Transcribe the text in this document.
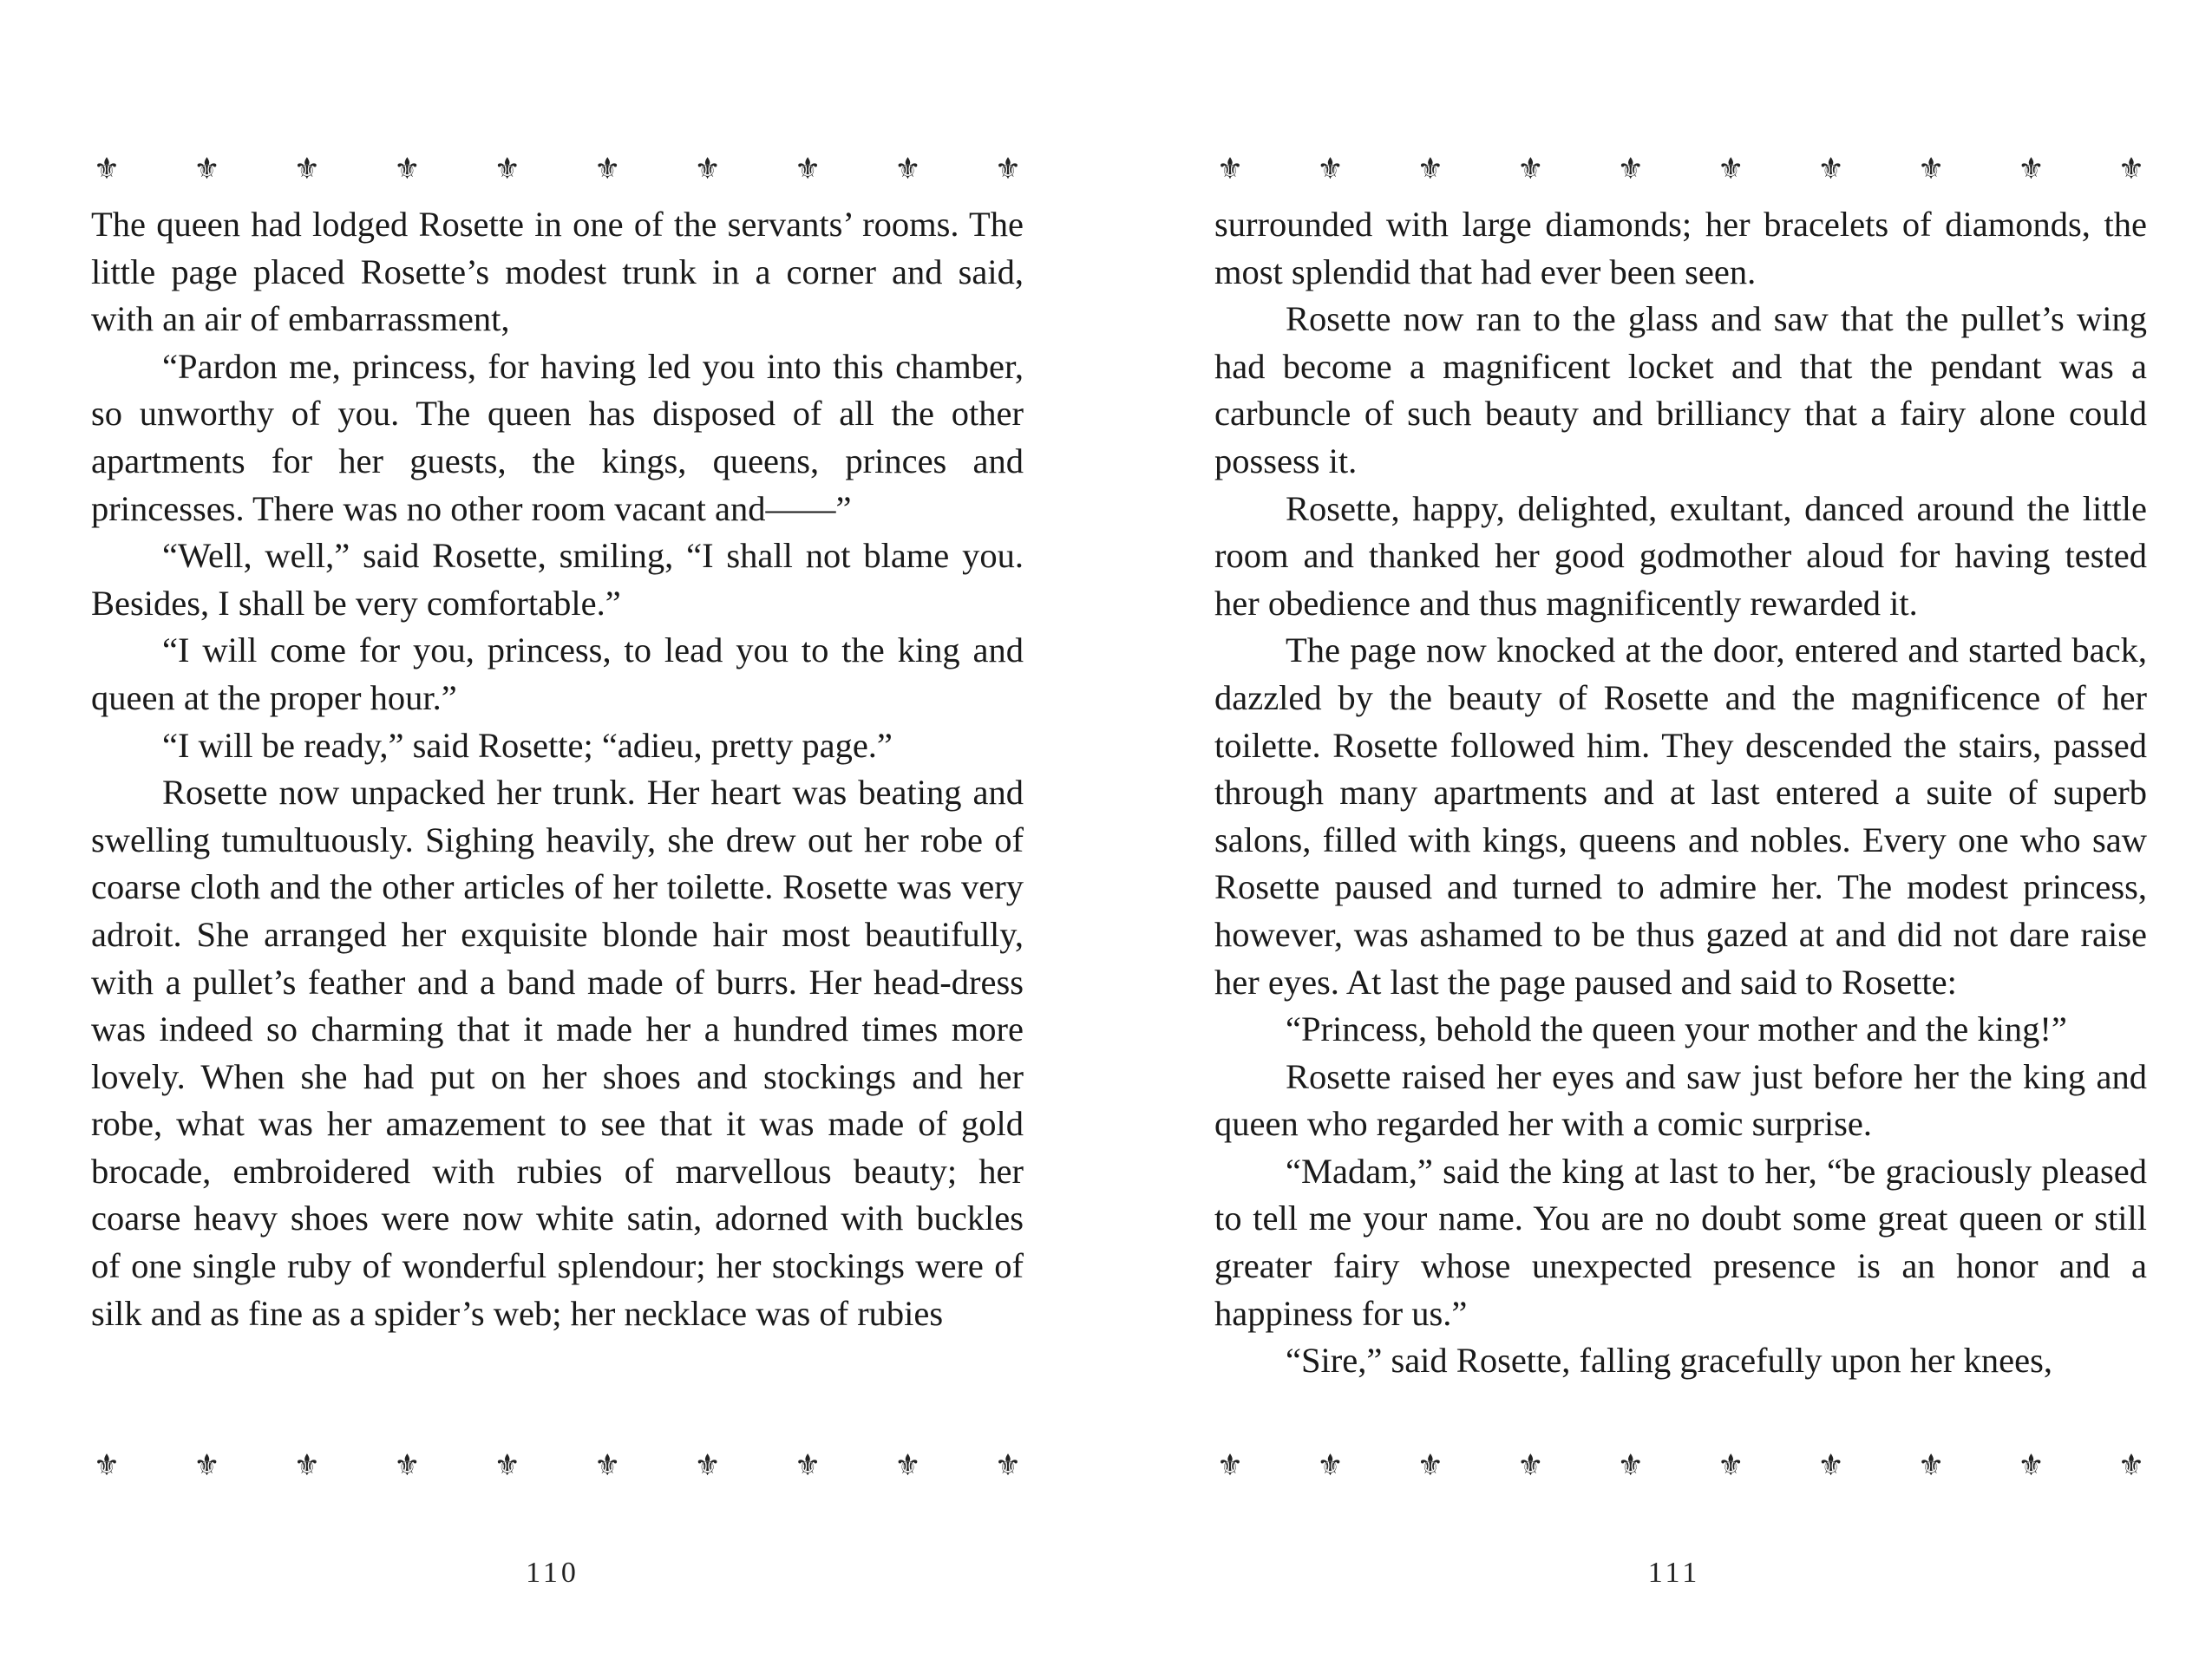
⚜ ⚜ ⚜ ⚜ ⚜ ⚜ ⚜ ⚜ ⚜ ⚜

The queen had lodged Rosette in one of the servants’ rooms. The little page placed Rosette’s modest trunk in a corner and said, with an air of embarrassment,

“Pardon me, princess, for having led you into this chamber, so unworthy of you. The queen has disposed of all the other apartments for her guests, the kings, queens, princes and princesses. There was no other room vacant and——”

“Well, well,” said Rosette, smiling, “I shall not blame you. Besides, I shall be very comfortable.”

“I will come for you, princess, to lead you to the king and queen at the proper hour.”

“I will be ready,” said Rosette; “adieu, pretty page.”

Rosette now unpacked her trunk. Her heart was beating and swelling tumultuously. Sighing heavily, she drew out her robe of coarse cloth and the other articles of her toilette. Rosette was very adroit. She arranged her exquisite blonde hair most beautifully, with a pullet’s feather and a band made of burrs. Her head-dress was indeed so charming that it made her a hundred times more lovely. When she had put on her shoes and stockings and her robe, what was her amazement to see that it was made of gold brocade, embroidered with rubies of marvellous beauty; her coarse heavy shoes were now white satin, adorned with buckles of one single ruby of wonderful splendour; her stockings were of silk and as fine as a spider’s web; her necklace was of rubies

⚜ ⚜ ⚜ ⚜ ⚜ ⚜ ⚜ ⚜ ⚜ ⚜
110
⚜ ⚜ ⚜ ⚜ ⚜ ⚜ ⚜ ⚜ ⚜ ⚜

surrounded with large diamonds; her bracelets of diamonds, the most splendid that had ever been seen.

Rosette now ran to the glass and saw that the pullet’s wing had become a magnificent locket and that the pendant was a carbuncle of such beauty and brilliancy that a fairy alone could possess it.

Rosette, happy, delighted, exultant, danced around the little room and thanked her good godmother aloud for having tested her obedience and thus magnificently rewarded it.

The page now knocked at the door, entered and started back, dazzled by the beauty of Rosette and the magnificence of her toilette. Rosette followed him. They descended the stairs, passed through many apartments and at last entered a suite of superb salons, filled with kings, queens and nobles. Every one who saw Rosette paused and turned to admire her. The modest princess, however, was ashamed to be thus gazed at and did not dare raise her eyes. At last the page paused and said to Rosette:

“Princess, behold the queen your mother and the king!”

Rosette raised her eyes and saw just before her the king and queen who regarded her with a comic surprise.

“Madam,” said the king at last to her, “be graciously pleased to tell me your name. You are no doubt some great queen or still greater fairy whose unexpected presence is an honor and a happiness for us.”

“Sire,” said Rosette, falling gracefully upon her knees,

⚜ ⚜ ⚜ ⚜ ⚜ ⚜ ⚜ ⚜ ⚜ ⚜
111
